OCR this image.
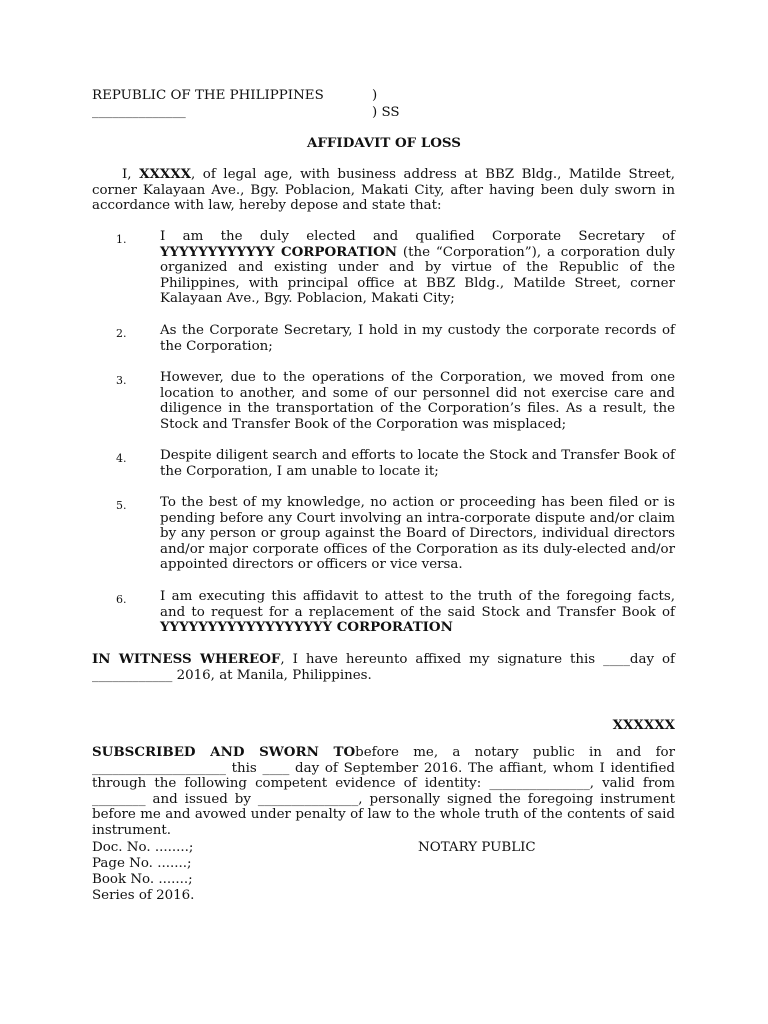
REPUBLIC OF THE PHILIPPINES	)
______________	) SS
AFFIDAVIT OF LOSS
I, XXXXX, of legal age, with business address at BBZ Bldg., Matilde Street, corner Kalayaan Ave., Bgy. Poblacion, Makati City, after having been duly sworn in accordance with law, hereby depose and state that:
1.	I am the duly elected and qualified Corporate Secretary of YYYYYYYYYYYY CORPORATION (the “Corporation”), a corporation duly organized and existing under and by virtue of the Republic of the Philippines, with principal office at BBZ Bldg., Matilde Street, corner Kalayaan Ave., Bgy. Poblacion, Makati City;
2.	As the Corporate Secretary, I hold in my custody the corporate records of the Corporation;
3.	However, due to the operations of the Corporation, we moved from one location to another, and some of our personnel did not exercise care and diligence in the transportation of the Corporation’s files. As a result, the Stock and Transfer Book of the Corporation was misplaced;
4.	Despite diligent search and efforts to locate the Stock and Transfer Book of the Corporation, I am unable to locate it;
5.	To the best of my knowledge, no action or proceeding has been filed or is pending before any Court involving an intra-corporate dispute and/or claim by any person or group against the Board of Directors, individual directors and/or major corporate offices of the Corporation as its duly-elected and/or appointed directors or officers or vice versa.
6.	I am executing this affidavit to attest to the truth of the foregoing facts, and to request for a replacement of the said Stock and Transfer Book of YYYYYYYYYYYYYYYYYY CORPORATION
IN WITNESS WHEREOF, I have hereunto affixed my signature this ____day of ____________ 2016, at Manila, Philippines.
XXXXXX
SUBSCRIBED AND SWORN TObefore me, a notary public in and for ____________________ this ____ day of September 2016. The affiant, whom I identified through the following competent evidence of identity: _______________, valid from ________ and issued by _______________, personally signed the foregoing instrument before me and avowed under penalty of law to the whole truth of the contents of said instrument.
Doc. No. ........;
Page No. .......;
Book No. .......;
Series of 2016.
NOTARY PUBLIC
